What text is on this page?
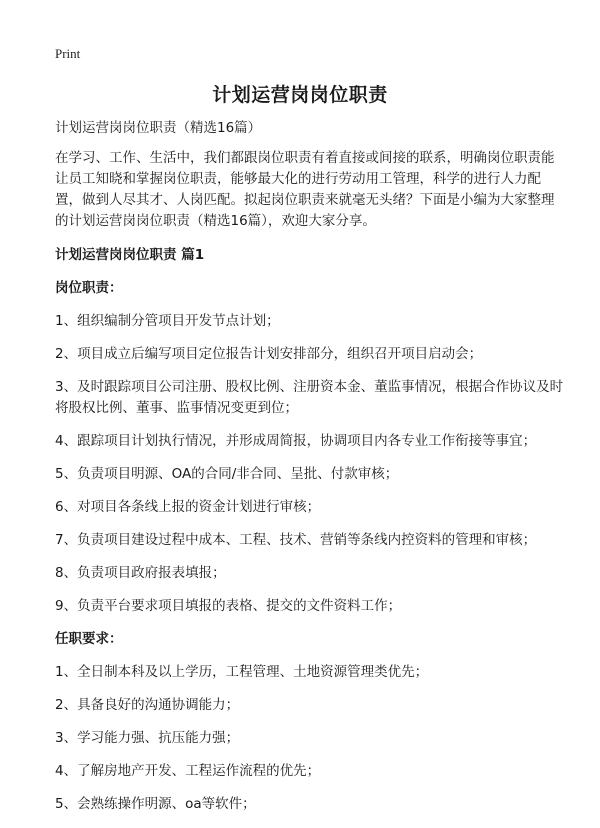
Print
计划运营岗岗位职责

计划运营岗岗位职责（精选16篇）

在学习、工作、生活中，我们都跟岗位职责有着直接或间接的联系，明确岗位职责能让员工知晓和掌握岗位职责，能够最大化的进行劳动用工管理，科学的进行人力配置，做到人尽其才、人岗匹配。拟起岗位职责来就毫无头绪？下面是小编为大家整理的计划运营岗岗位职责（精选16篇），欢迎大家分享。

计划运营岗岗位职责 篇1

岗位职责：

1、组织编制分管项目开发节点计划；
2、项目成立后编写项目定位报告计划安排部分，组织召开项目启动会；
3、及时跟踪项目公司注册、股权比例、注册资本金、董监事情况，根据合作协议及时将股权比例、董事、监事情况变更到位；
4、跟踪项目计划执行情况，并形成周简报，协调项目内各专业工作衔接等事宜；
5、负责项目明源、OA的合同/非合同、呈批、付款审核；
6、对项目各条线上报的资金计划进行审核；
7、负责项目建设过程中成本、工程、技术、营销等条线内控资料的管理和审核；
8、负责项目政府报表填报；
9、负责平台要求项目填报的表格、提交的文件资料工作；

任职要求：

1、全日制本科及以上学历，工程管理、土地资源管理类优先；
2、具备良好的沟通协调能力；
3、学习能力强、抗压能力强；
4、了解房地产开发、工程运作流程的优先；
5、会熟练操作明源、oa等软件；
